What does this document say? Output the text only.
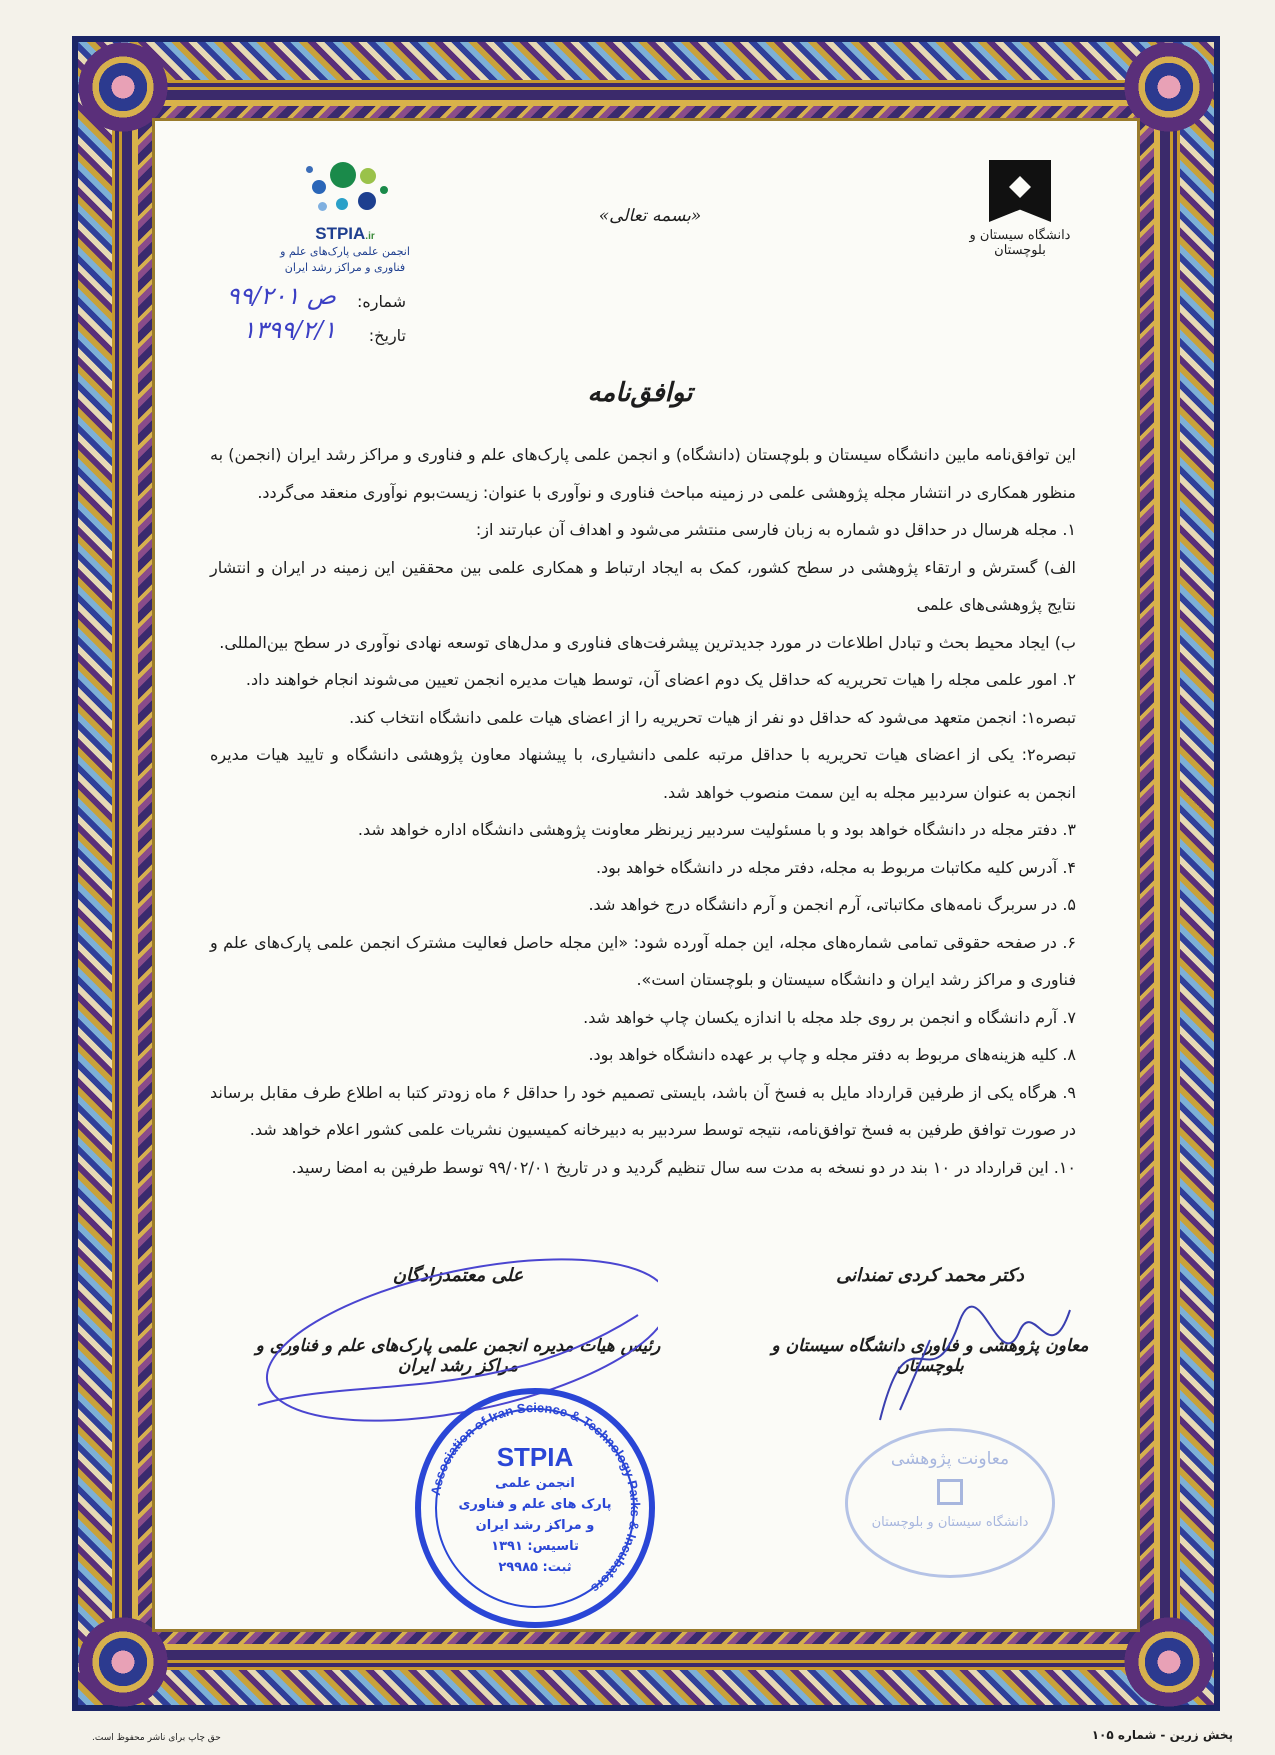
دانشگاه سیستان و بلوچستان
STPIA.ir
انجمن علمی پارک‌های علم و
فناوری و مراکز رشد ایران
«بسمه تعالی»
شماره:
ص ۹۹/۲۰۱
تاریخ:
۱۳۹۹/۲/۱
توافق‌نامه

این توافق‌نامه مابین دانشگاه سیستان و بلوچستان (دانشگاه) و انجمن علمی پارک‌های علم و فناوری و مراکز رشد ایران (انجمن) به منظور همکاری در انتشار مجله پژوهشی علمی در زمینه مباحث فناوری و نوآوری با عنوان: زیست‌بوم نوآوری منعقد می‌گردد.

۱. مجله هرسال در حداقل دو شماره به زبان فارسی منتشر می‌شود و اهداف آن عبارتند از:

الف) گسترش و ارتقاء پژوهشی در سطح کشور، کمک به ایجاد ارتباط و همکاری علمی بین محققین این زمینه در ایران و انتشار نتایج پژوهشی‌های علمی

ب) ایجاد محیط بحث و تبادل اطلاعات در مورد جدیدترین پیشرفت‌های فناوری و مدل‌های توسعه نهادی نوآوری در سطح بین‌المللی.

۲. امور علمی مجله را هیات تحریریه که حداقل یک دوم اعضای آن، توسط هیات مدیره انجمن تعیین می‌شوند انجام خواهند داد.

تبصره۱: انجمن متعهد می‌شود که حداقل دو نفر از هیات تحریریه را از اعضای هیات علمی دانشگاه انتخاب کند.

تبصره۲: یکی از اعضای هیات تحریریه با حداقل مرتبه علمی دانشیاری، با پیشنهاد معاون پژوهشی دانشگاه و تایید هیات مدیره انجمن به عنوان سردبیر مجله به این سمت منصوب خواهد شد.

۳. دفتر مجله در دانشگاه خواهد بود و با مسئولیت سردبیر زیرنظر معاونت پژوهشی دانشگاه اداره خواهد شد.

۴. آدرس کلیه مکاتبات مربوط به مجله، دفتر مجله در دانشگاه خواهد بود.

۵. در سربرگ نامه‌های مکاتباتی، آرم انجمن و آرم دانشگاه درج خواهد شد.

۶. در صفحه حقوقی تمامی شماره‌های مجله، این جمله آورده شود: «این مجله حاصل فعالیت مشترک انجمن علمی پارک‌های علم و فناوری و مراکز رشد ایران و دانشگاه سیستان و بلوچستان است».

۷. آرم دانشگاه و انجمن بر روی جلد مجله با اندازه یکسان چاپ خواهد شد.

۸. کلیه هزینه‌های مربوط به دفتر مجله و چاپ بر عهده دانشگاه خواهد بود.

۹. هرگاه یکی از طرفین قرارداد مایل به فسخ آن باشد، بایستی تصمیم خود را حداقل ۶ ماه زودتر کتبا به اطلاع طرف مقابل برساند در صورت توافق طرفین به فسخ توافق‌نامه، نتیجه توسط سردبیر به دبیرخانه کمیسیون نشریات علمی کشور اعلام خواهد شد.

۱۰. این قرارداد در ۱۰ بند در دو نسخه به مدت سه سال تنظیم گردید و در تاریخ ۹۹/۰۲/۰۱ توسط طرفین به امضا رسید.

دکتر محمد کردی تمندانی
معاون پژوهشی و فناوری دانشگاه سیستان و بلوچستان
علی معتمدزادگان
رئیس هیات مدیره انجمن علمی پارک‌های علم و فناوری و مراکز رشد ایران
Association of Iran Science & Technology Parks & Incubators
STPIA
انجمن علمی
پارک های علم و فناوری
و مراکز رشد ایران
تاسیس: ۱۳۹۱
ثبت: ۲۹۹۸۵
معاونت پژوهشی
دانشگاه سیستان و بلوچستان
پخش زرین - شماره ۱۰۵
حق چاپ برای ناشر محفوظ است.
